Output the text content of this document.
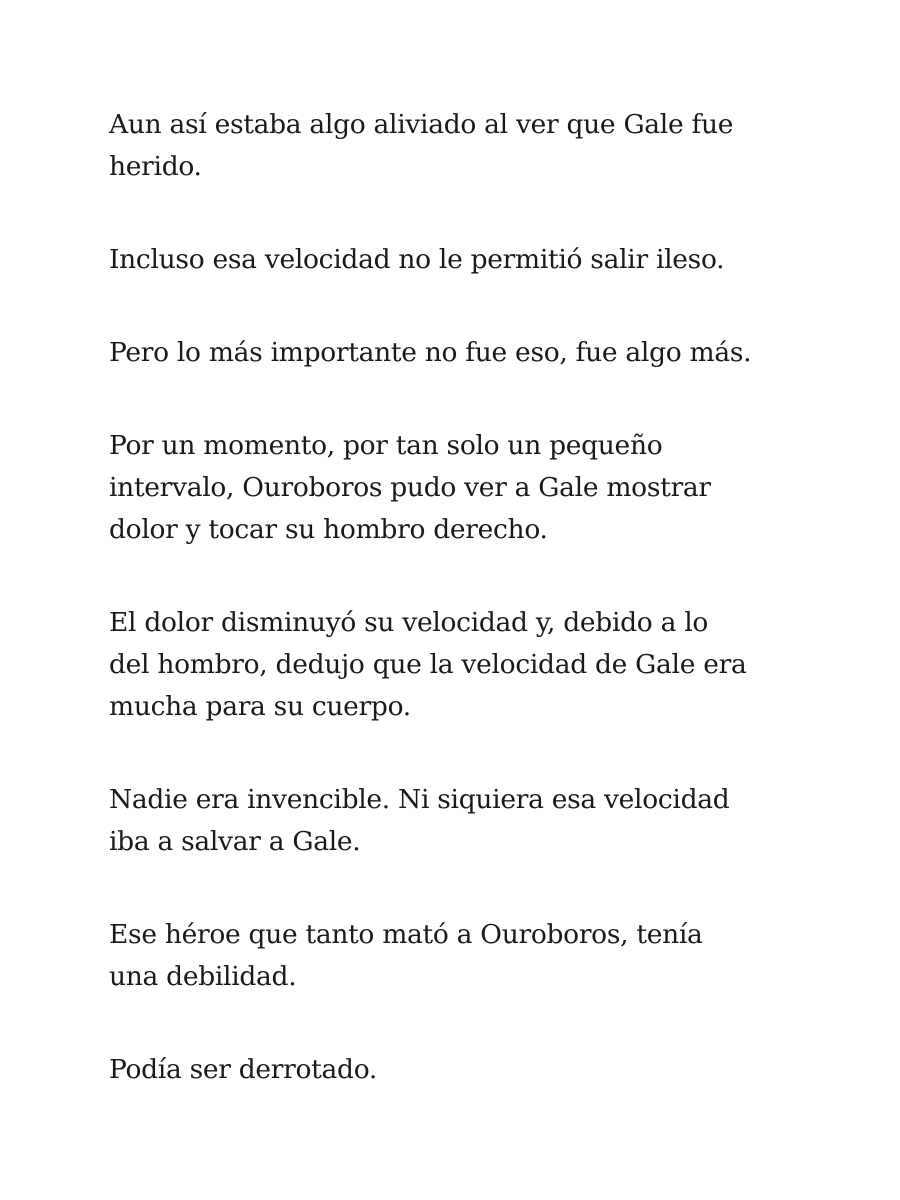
Aun así estaba algo aliviado al ver que Gale fue
herido.

Incluso esa velocidad no le permitió salir ileso.

Pero lo más importante no fue eso, fue algo más.

Por un momento, por tan solo un pequeño
intervalo, Ouroboros pudo ver a Gale mostrar
dolor y tocar su hombro derecho.

El dolor disminuyó su velocidad y, debido a lo
del hombro, dedujo que la velocidad de Gale era
mucha para su cuerpo.

Nadie era invencible. Ni siquiera esa velocidad
iba a salvar a Gale.

Ese héroe que tanto mató a Ouroboros, tenía
una debilidad.

Podía ser derrotado.
